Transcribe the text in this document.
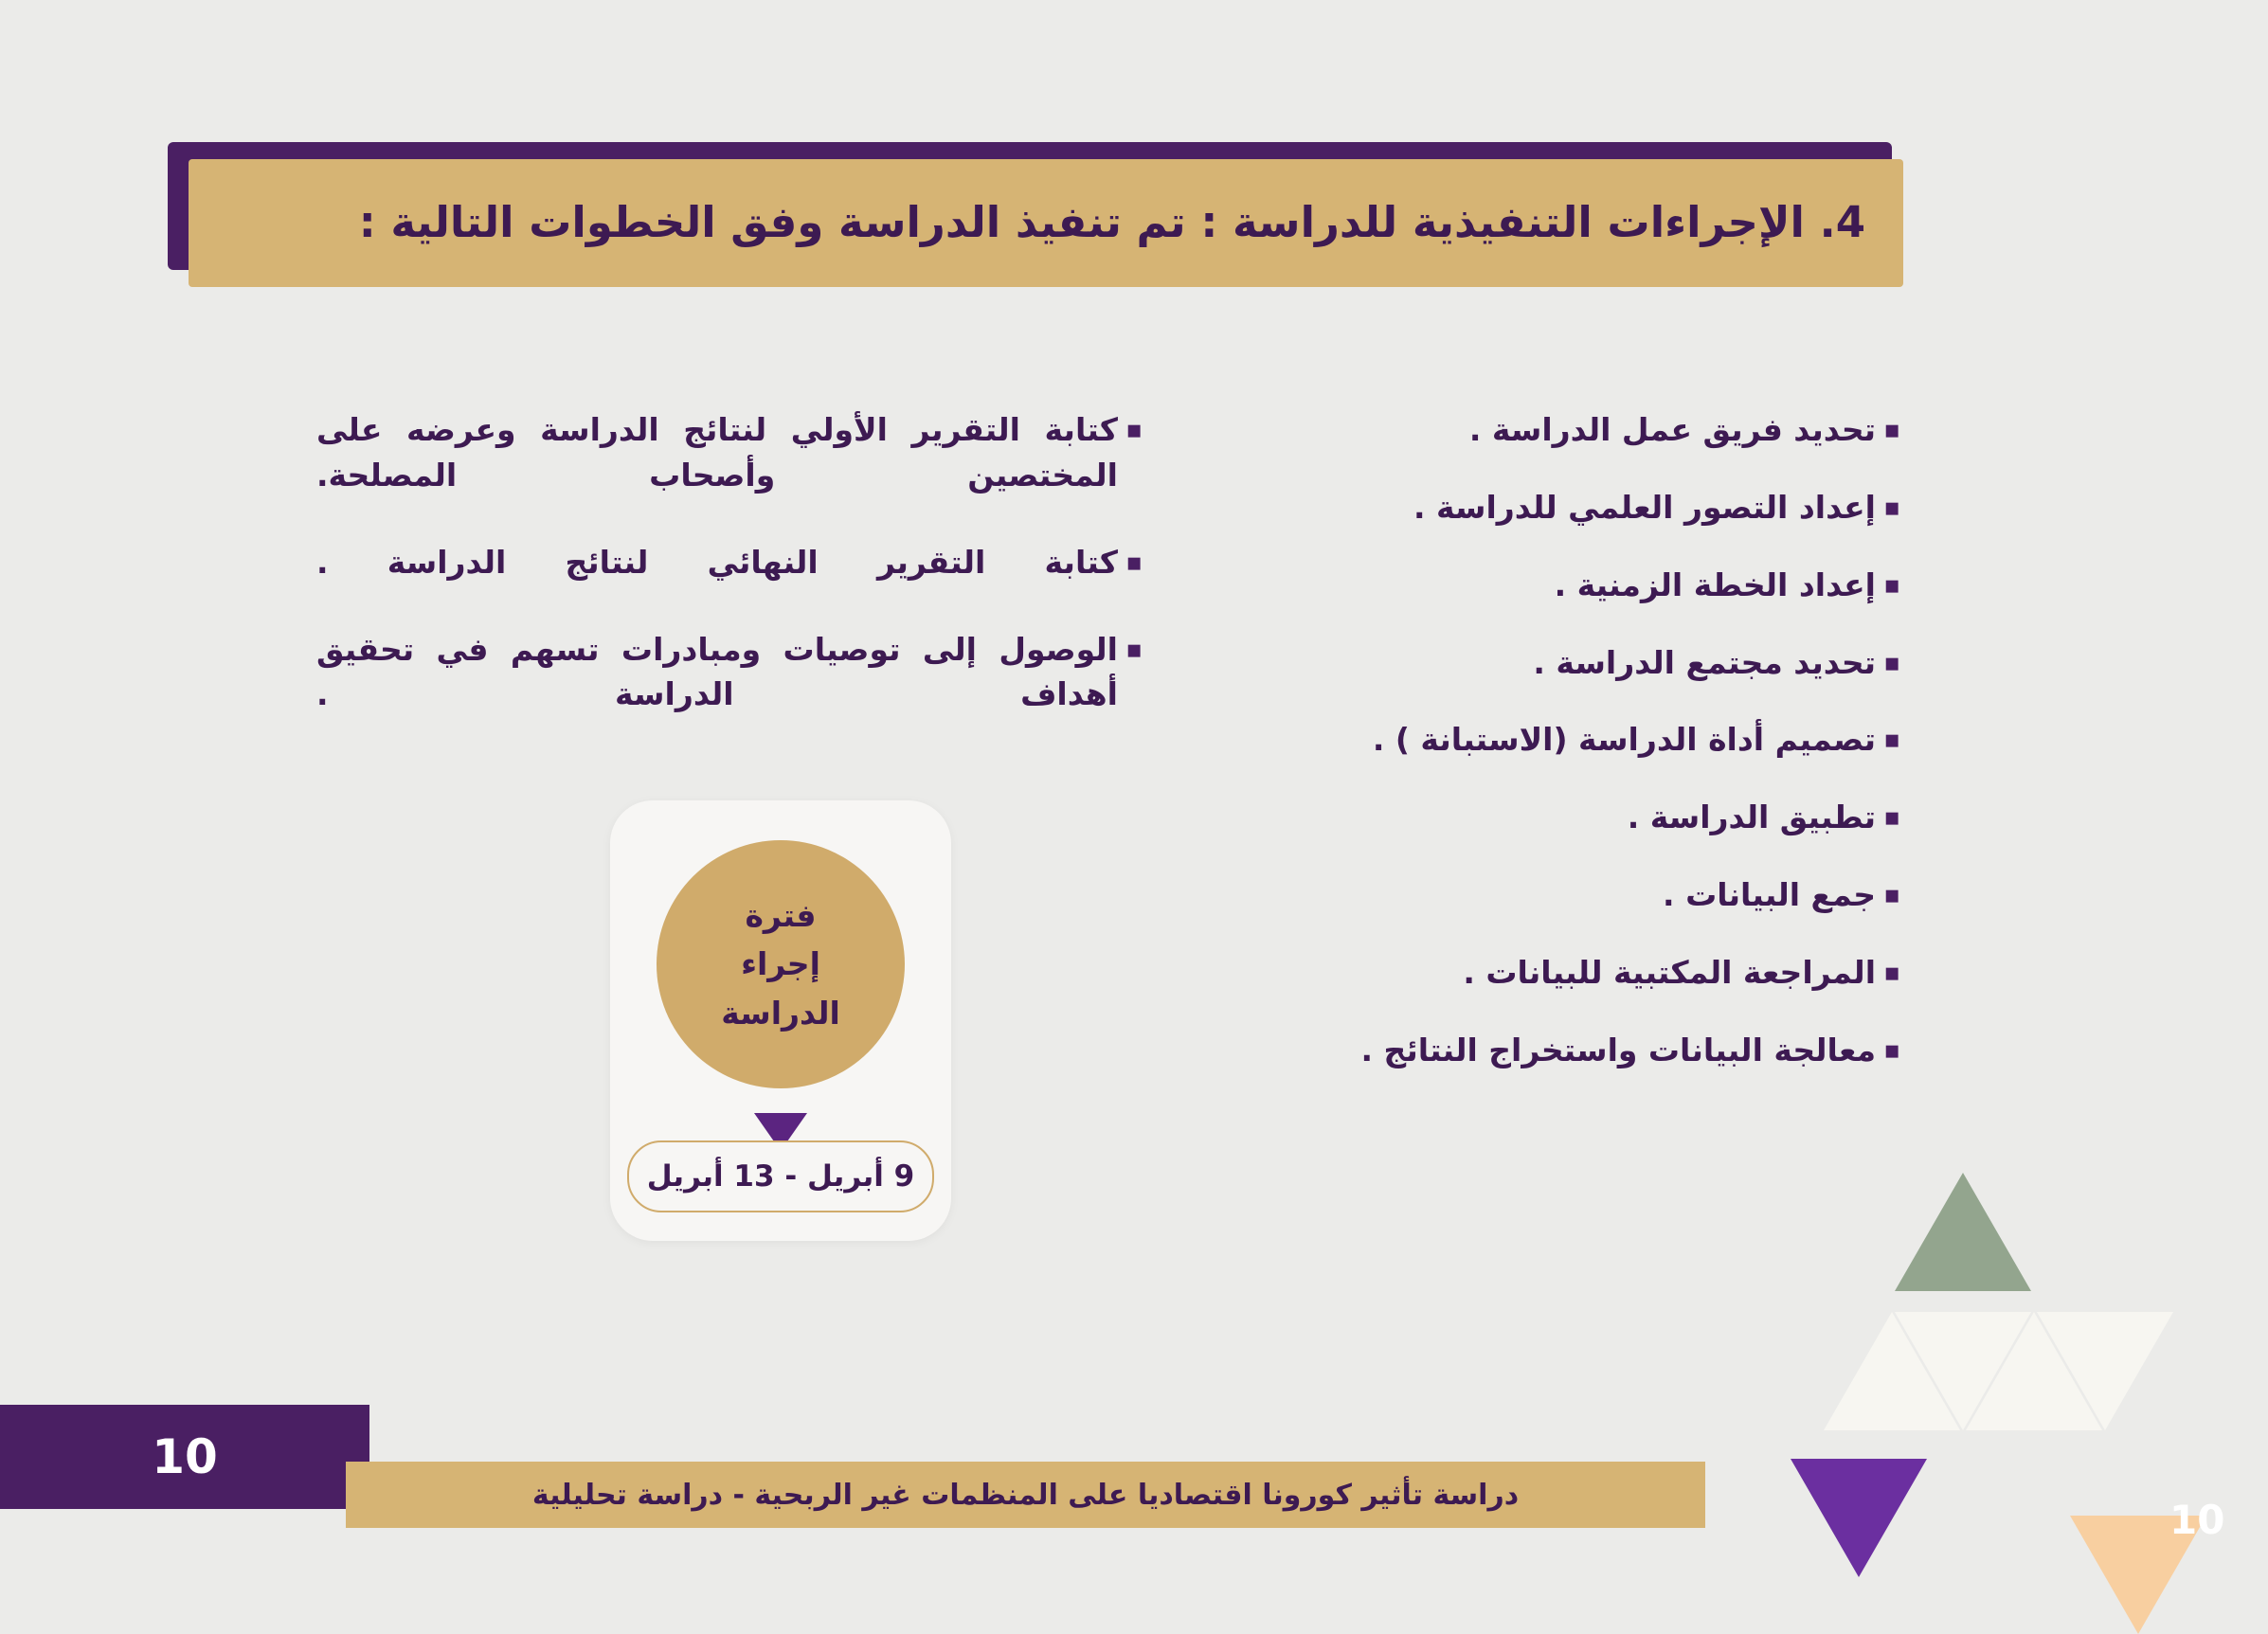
4. الإجراءات التنفيذية للدراسة : تم تنفيذ الدراسة وفق الخطوات التالية :
▪
تحديد فريق عمل الدراسة .
▪
إعداد التصور العلمي للدراسة .
▪
إعداد الخطة الزمنية .
▪
تحديد مجتمع الدراسة .
▪
تصميم أداة الدراسة (الاستبانة ) .
▪
تطبيق الدراسة .
▪
جمع البيانات .
▪
المراجعة المكتبية للبيانات .
▪
معالجة البيانات واستخراج النتائج .
▪
كتابة التقرير الأولي لنتائج الدراسة وعرضه على المختصين وأصحاب المصلحة.
▪
كتابة التقرير النهائي لنتائج الدراسة .
▪
الوصول إلى توصيات ومبادرات تسهم في تحقيق أهداف الدراسة .
فترة
إجراء
الدراسة
9 أبريل - 13 أبريل
10
دراسة تأثير كورونا اقتصاديا على المنظمات غير الربحية - دراسة تحليلية
10
